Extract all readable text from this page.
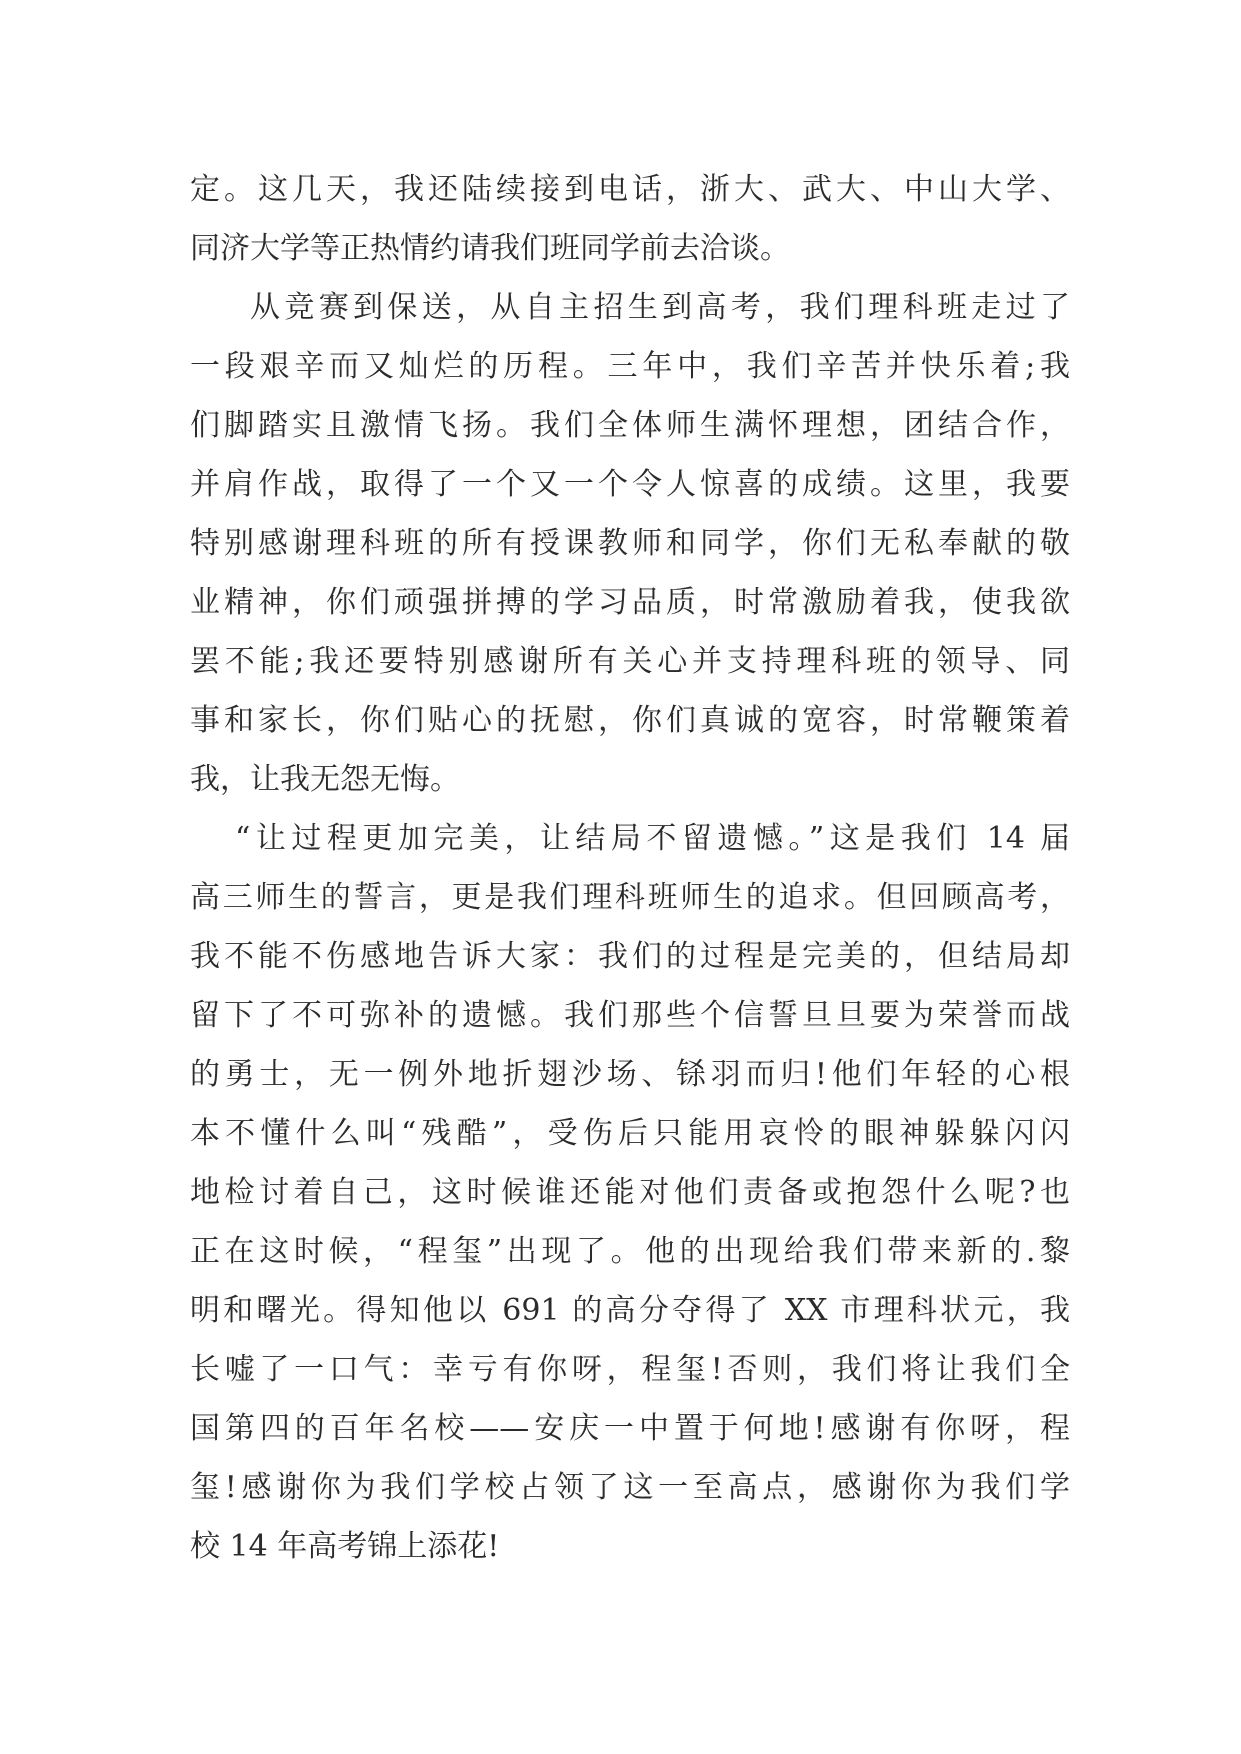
定。这几天，我还陆续接到电话，浙大、武大、中山大学、
同济大学等正热情约请我们班同学前去洽谈。
从竞赛到保送，从自主招生到高考，我们理科班走过了
一段艰辛而又灿烂的历程。三年中，我们辛苦并快乐着;我
们脚踏实且激情飞扬。我们全体师生满怀理想，团结合作，
并肩作战，取得了一个又一个令人惊喜的成绩。这里，我要
特别感谢理科班的所有授课教师和同学，你们无私奉献的敬
业精神，你们顽强拼搏的学习品质，时常激励着我，使我欲
罢不能;我还要特别感谢所有关心并支持理科班的领导、同
事和家长，你们贴心的抚慰，你们真诚的宽容，时常鞭策着
我，让我无怨无悔。
“让过程更加完美，让结局不留遗憾。”这是我们 14 届
高三师生的誓言，更是我们理科班师生的追求。但回顾高考，
我不能不伤感地告诉大家：我们的过程是完美的，但结局却
留下了不可弥补的遗憾。我们那些个信誓旦旦要为荣誉而战
的勇士，无一例外地折翅沙场、铩羽而归!他们年轻的心根
本不懂什么叫“残酷”，受伤后只能用哀怜的眼神躲躲闪闪
地检讨着自己，这时候谁还能对他们责备或抱怨什么呢?也
正在这时候，“程玺”出现了。他的出现给我们带来新的.黎
明和曙光。得知他以 691 的高分夺得了 XX 市理科状元，我
长嘘了一口气：幸亏有你呀，程玺!否则，我们将让我们全
国第四的百年名校——安庆一中置于何地!感谢有你呀，程
玺!感谢你为我们学校占领了这一至高点，感谢你为我们学
校 14 年高考锦上添花!
